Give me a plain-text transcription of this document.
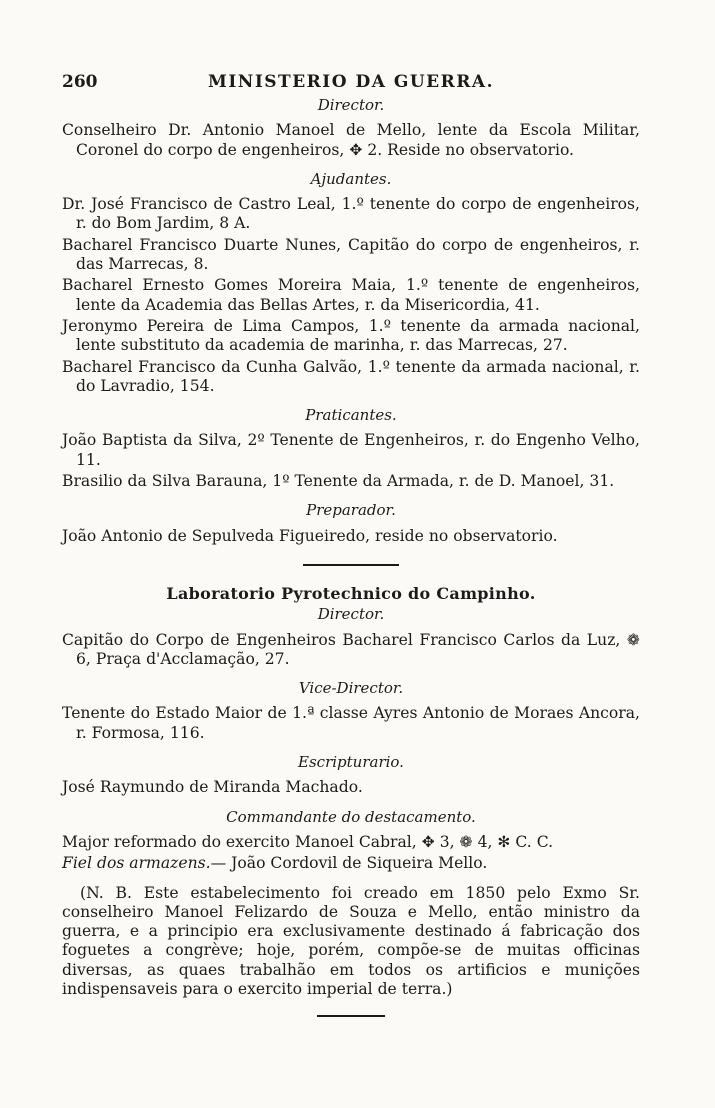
260	MINISTERIO DA GUERRA.
Director.

Conselheiro Dr. Antonio Manoel de Mello, lente da Escola Militar, Coronel do corpo de engenheiros, ✥ 2. Reside no observatorio.

Ajudantes.

Dr. José Francisco de Castro Leal, 1.º tenente do corpo de engenheiros, r. do Bom Jardim, 8 A.

Bacharel Francisco Duarte Nunes, Capitão do corpo de engenheiros, r. das Marrecas, 8.

Bacharel Ernesto Gomes Moreira Maia, 1.º tenente de engenheiros, lente da Academia das Bellas Artes, r. da Misericordia, 41.

Jeronymo Pereira de Lima Campos, 1.º tenente da armada nacional, lente substituto da academia de marinha, r. das Marrecas, 27.

Bacharel Francisco da Cunha Galvão, 1.º tenente da armada nacional, r. do Lavradio, 154.

Praticantes.

João Baptista da Silva, 2º Tenente de Engenheiros, r. do Engenho Velho, 11.

Brasilio da Silva Barauna, 1º Tenente da Armada, r. de D. Manoel, 31.

Preparador.

João Antonio de Sepulveda Figueiredo, reside no observatorio.

Laboratorio Pyrotechnico do Campinho.
Director.

Capitão do Corpo de Engenheiros Bacharel Francisco Carlos da Luz, ❁ 6, Praça d'Acclamação, 27.

Vice-Director.

Tenente do Estado Maior de 1.ª classe Ayres Antonio de Moraes Ancora, r. Formosa, 116.

Escripturario.

José Raymundo de Miranda Machado.

Commandante do destacamento.

Major reformado do exercito Manoel Cabral, ✥ 3, ❁ 4, ✻ C. C.

Fiel dos armazens.— João Cordovil de Siqueira Mello.

(N. B. Este estabelecimento foi creado em 1850 pelo Exmo Sr. conselheiro Manoel Felizardo de Souza e Mello, então ministro da guerra, e a principio era exclusivamente destinado á fabricação dos foguetes a congrève; hoje, porém, compõe-se de muitas officinas diversas, as quaes trabalhão em todos os artificios e munições indispensaveis para o exercito imperial de terra.)
